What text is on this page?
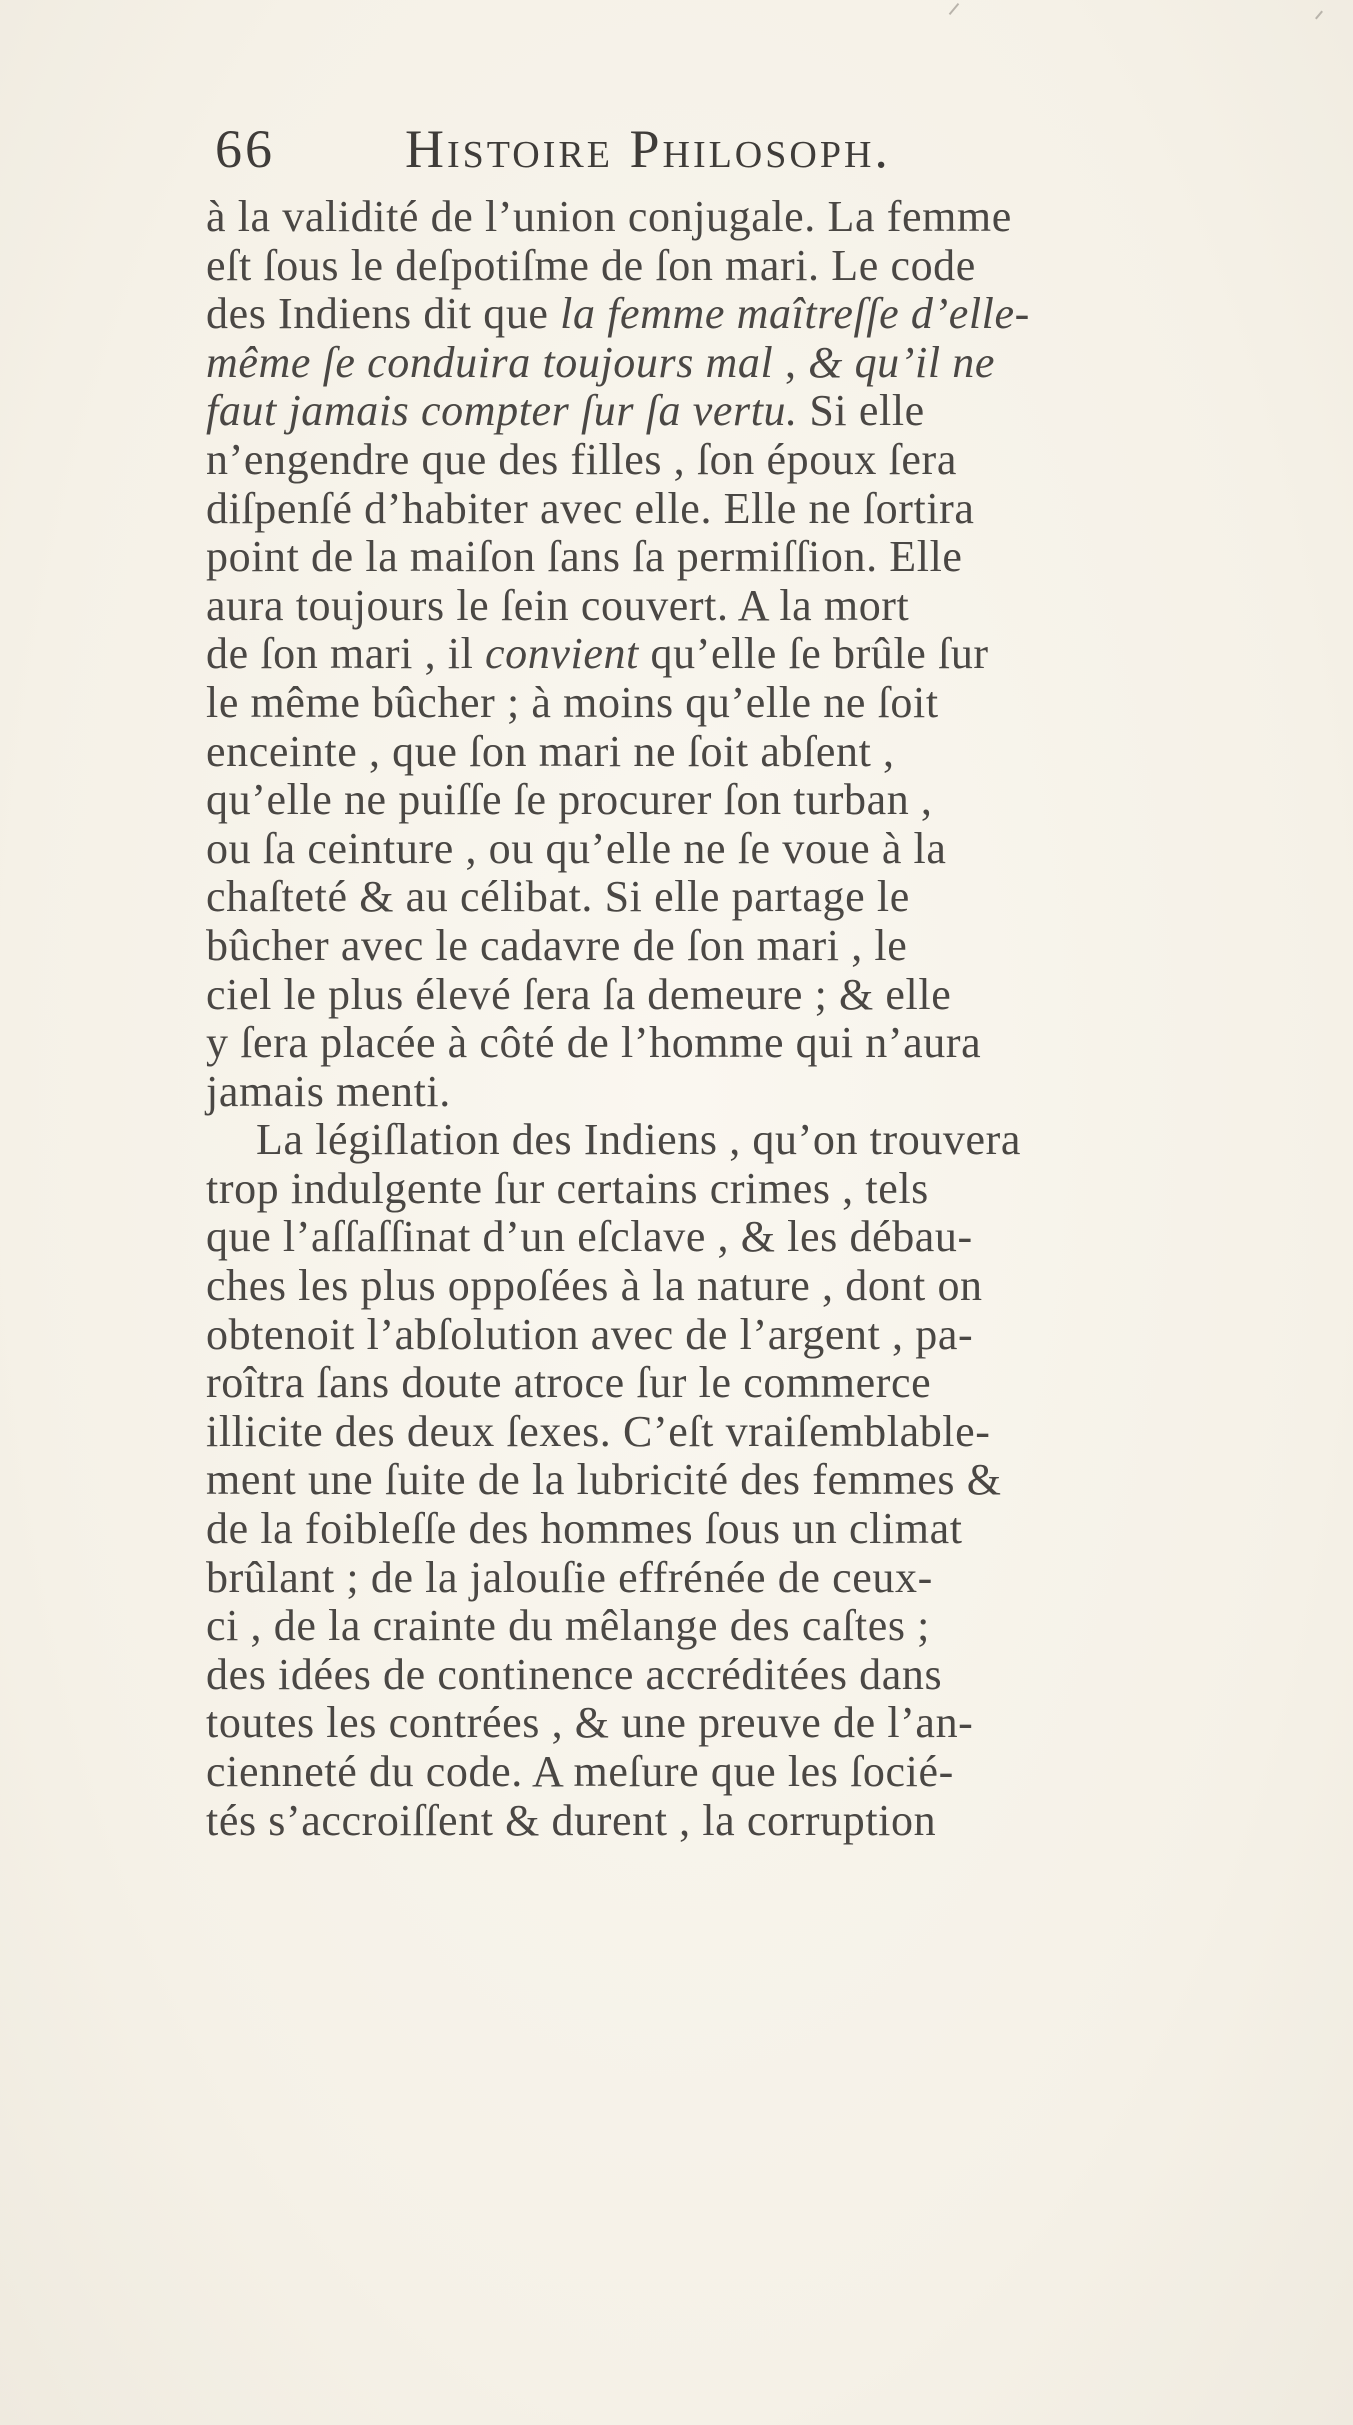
66 Histoire Philosoph.
à la validité de l’union conjugale. La femme
eſt ſous le deſpotiſme de ſon mari. Le code
des Indiens dit que la femme maîtreſſe d’elle-
même ſe conduira toujours mal , & qu’il ne
faut jamais compter ſur ſa vertu. Si elle
n’engendre que des filles , ſon époux ſera
diſpenſé d’habiter avec elle. Elle ne ſortira
point de la maiſon ſans ſa permiſſion. Elle
aura toujours le ſein couvert. A la mort
de ſon mari , il convient qu’elle ſe brûle ſur
le même bûcher ; à moins qu’elle ne ſoit
enceinte , que ſon mari ne ſoit abſent ,
qu’elle ne puiſſe ſe procurer ſon turban ,
ou ſa ceinture , ou qu’elle ne ſe voue à la
chaſteté & au célibat. Si elle partage le
bûcher avec le cadavre de ſon mari , le
ciel le plus élevé ſera ſa demeure ; & elle
y ſera placée à côté de l’homme qui n’aura
jamais menti.
La légiſlation des Indiens , qu’on trouvera
trop indulgente ſur certains crimes , tels
que l’aſſaſſinat d’un eſclave , & les débau-
ches les plus oppoſées à la nature , dont on
obtenoit l’abſolution avec de l’argent , pa-
roîtra ſans doute atroce ſur le commerce
illicite des deux ſexes. C’eſt vraiſemblable-
ment une ſuite de la lubricité des femmes &
de la foibleſſe des hommes ſous un climat
brûlant ; de la jalouſie effrénée de ceux-
ci , de la crainte du mêlange des caſtes ;
des idées de continence accréditées dans
toutes les contrées , & une preuve de l’an-
cienneté du code. A meſure que les ſocié-
tés s’accroiſſent & durent , la corruption
